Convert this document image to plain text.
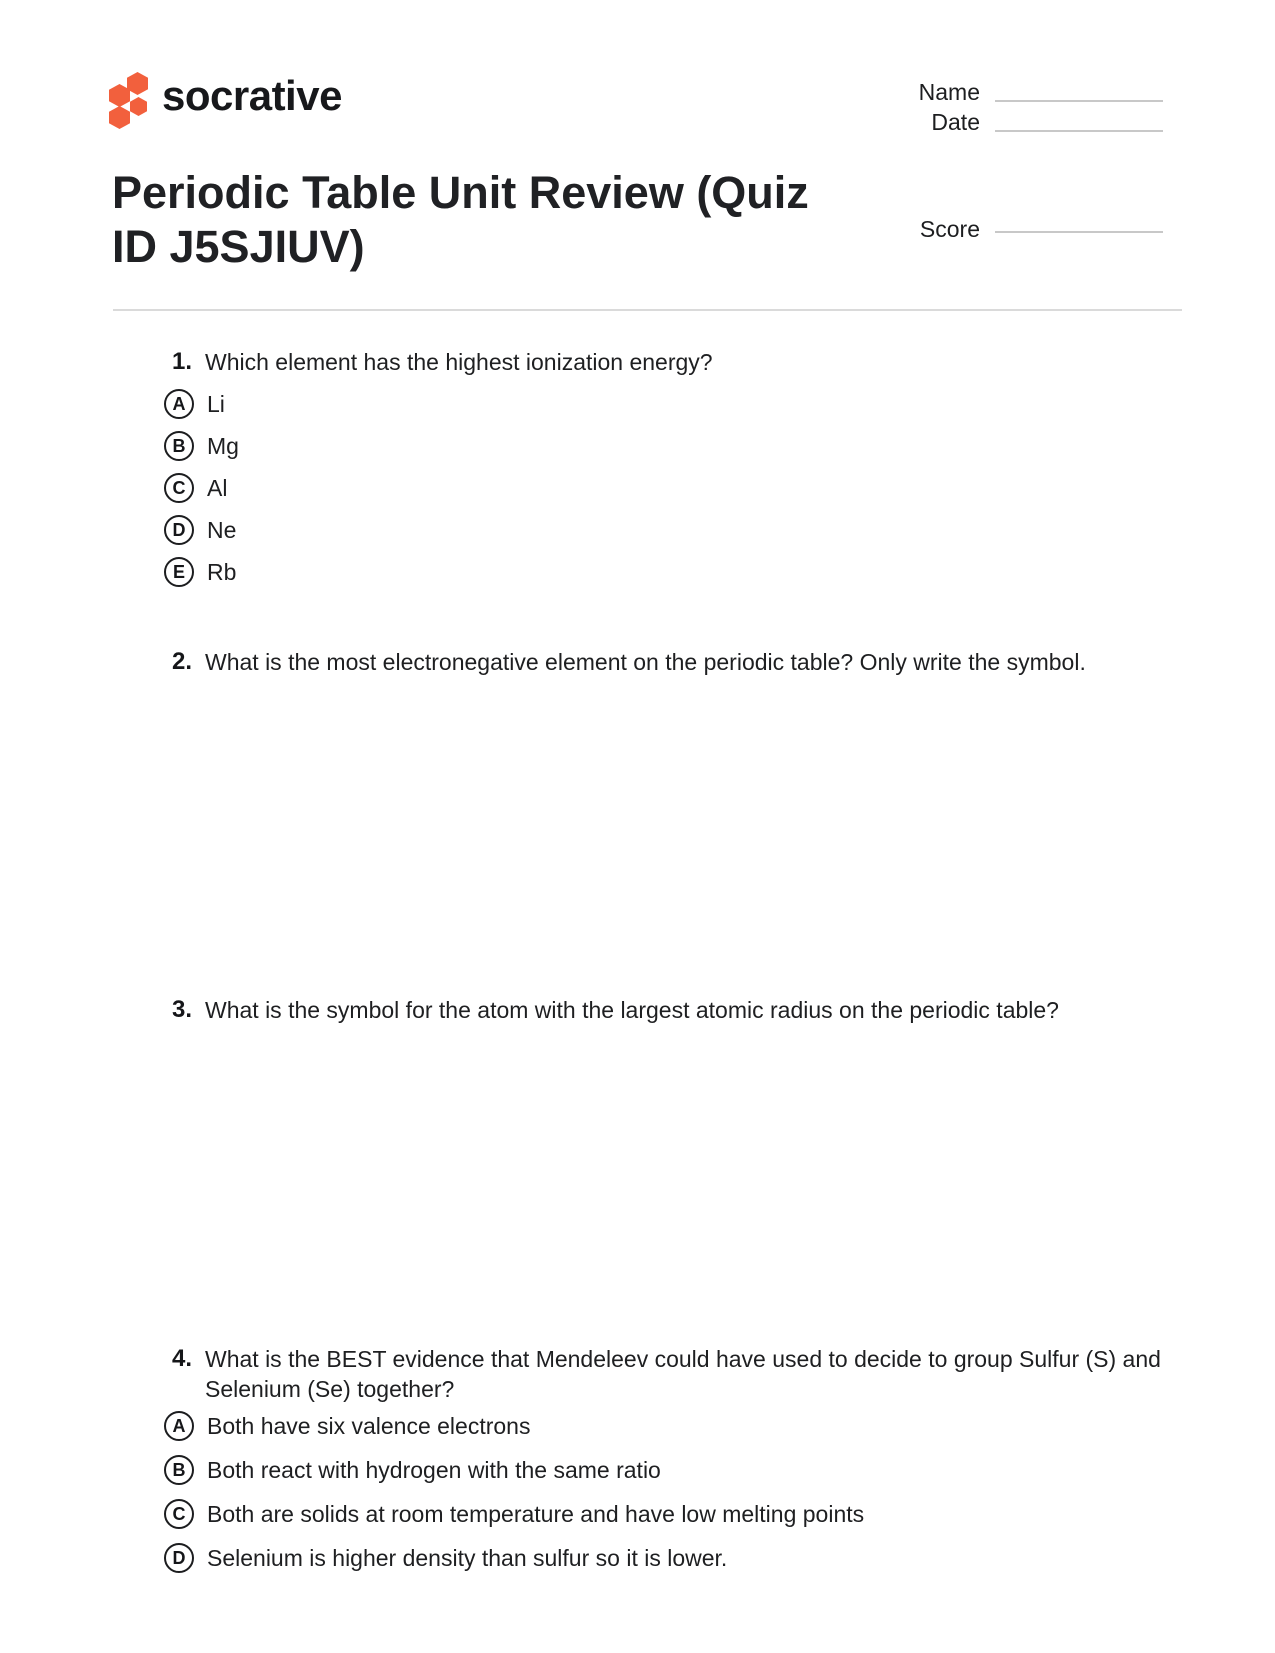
socrative	Name
Date
Score
Periodic Table Unit Review (Quiz ID J5SJIUV)
1. Which element has the highest ionization energy?
A Li
B Mg
C Al
D Ne
E Rb
2. What is the most electronegative element on the periodic table? Only write the symbol.
3. What is the symbol for the atom with the largest atomic radius on the periodic table?
4. What is the BEST evidence that Mendeleev could have used to decide to group Sulfur (S) and Selenium (Se) together?
A Both have six valence electrons
B Both react with hydrogen with the same ratio
C Both are solids at room temperature and have low melting points
D Selenium is higher density than sulfur so it is lower.
